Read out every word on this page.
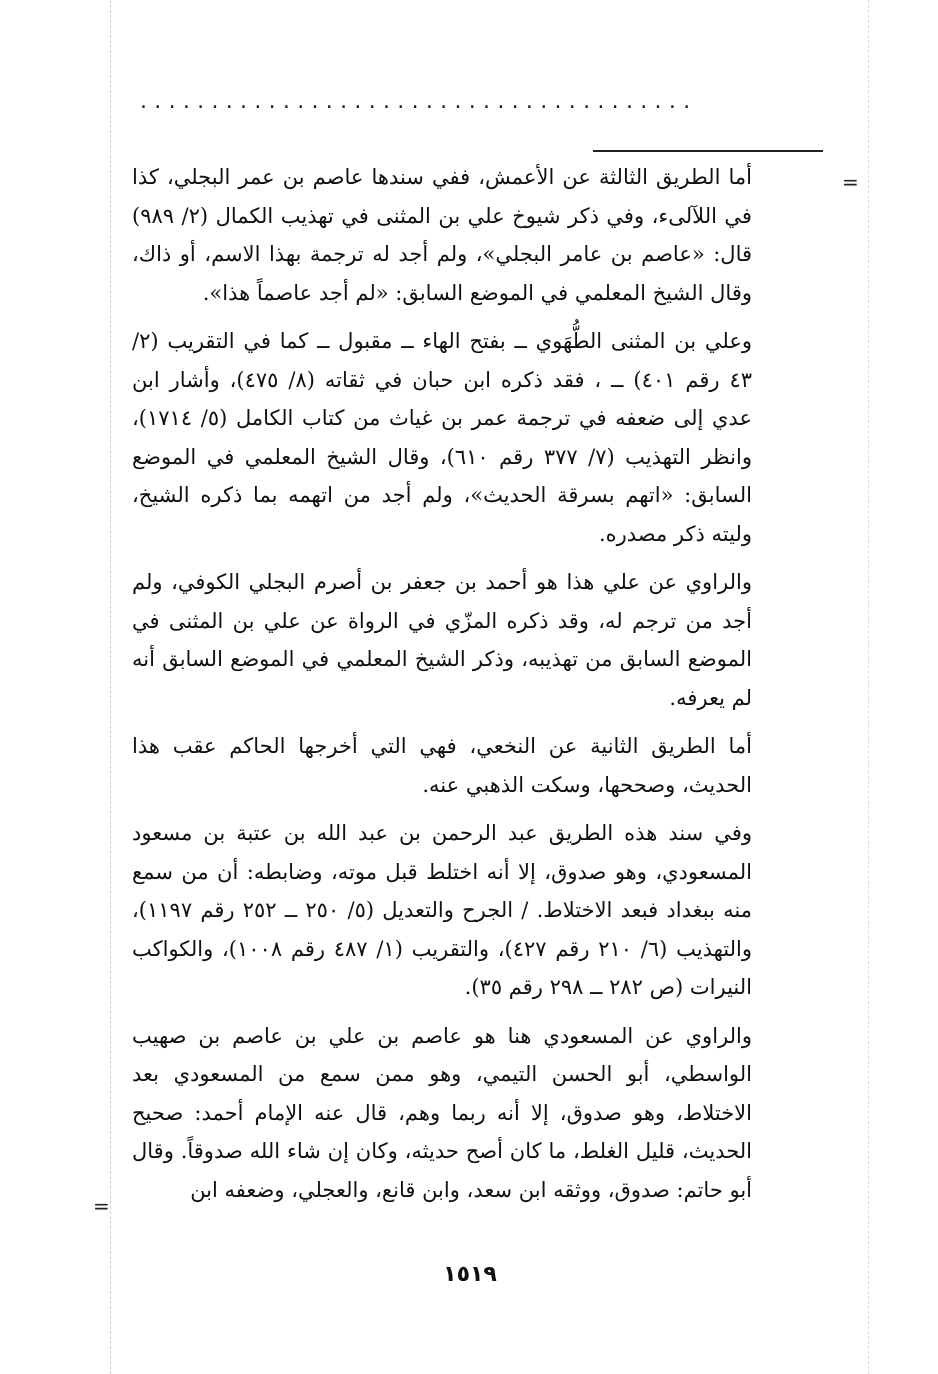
.......................................
=

أما الطريق الثالثة عن الأعمش، ففي سندها عاصم بن عمر البجلي، كذا في اللآلىء، وفي ذكر شيوخ علي بن المثنى في تهذيب الكمال (٢/ ٩٨٩) قال: «عاصم بن عامر البجلي»، ولم أجد له ترجمة بهذا الاسم، أو ذاك، وقال الشيخ المعلمي في الموضع السابق: «لم أجد عاصماً هذا».

وعلي بن المثنى الطُّهَوي ــ بفتح الهاء ــ مقبول ــ كما في التقريب (٢/ ٤٣ رقم ٤٠١) ــ ، فقد ذكره ابن حبان في ثقاته (٨/ ٤٧٥)، وأشار ابن عدي إلى ضعفه في ترجمة عمر بن غياث من كتاب الكامل (٥/ ١٧١٤)، وانظر التهذيب (٧/ ٣٧٧ رقم ٦١٠)، وقال الشيخ المعلمي في الموضع السابق: «اتهم بسرقة الحديث»، ولم أجد من اتهمه بما ذكره الشيخ، وليته ذكر مصدره.

والراوي عن علي هذا هو أحمد بن جعفر بن أصرم البجلي الكوفي، ولم أجد من ترجم له، وقد ذكره المزّي في الرواة عن علي بن المثنى في الموضع السابق من تهذيبه، وذكر الشيخ المعلمي في الموضع السابق أنه لم يعرفه.

أما الطريق الثانية عن النخعي، فهي التي أخرجها الحاكم عقب هذا الحديث، وصححها، وسكت الذهبي عنه.

وفي سند هذه الطريق عبد الرحمن بن عبد الله بن عتبة بن مسعود المسعودي، وهو صدوق، إلا أنه اختلط قبل موته، وضابطه: أن من سمع منه ببغداد فبعد الاختلاط. / الجرح والتعديل (٥/ ٢٥٠ ــ ٢٥٢ رقم ١١٩٧)، والتهذيب (٦/ ٢١٠ رقم ٤٢٧)، والتقريب (١/ ٤٨٧ رقم ١٠٠٨)، والكواكب النيرات (ص ٢٨٢ ــ ٢٩٨ رقم ٣٥).

والراوي عن المسعودي هنا هو عاصم بن علي بن عاصم بن صهيب الواسطي، أبو الحسن التيمي، وهو ممن سمع من المسعودي بعد الاختلاط، وهو صدوق، إلا أنه ربما وهم، قال عنه الإمام أحمد: صحيح الحديث، قليل الغلط، ما كان أصح حديثه، وكان إن شاء الله صدوقاً. وقال أبو حاتم: صدوق، ووثقه ابن سعد، وابن قانع، والعجلي، وضعفه ابن

=
١٥١٩
